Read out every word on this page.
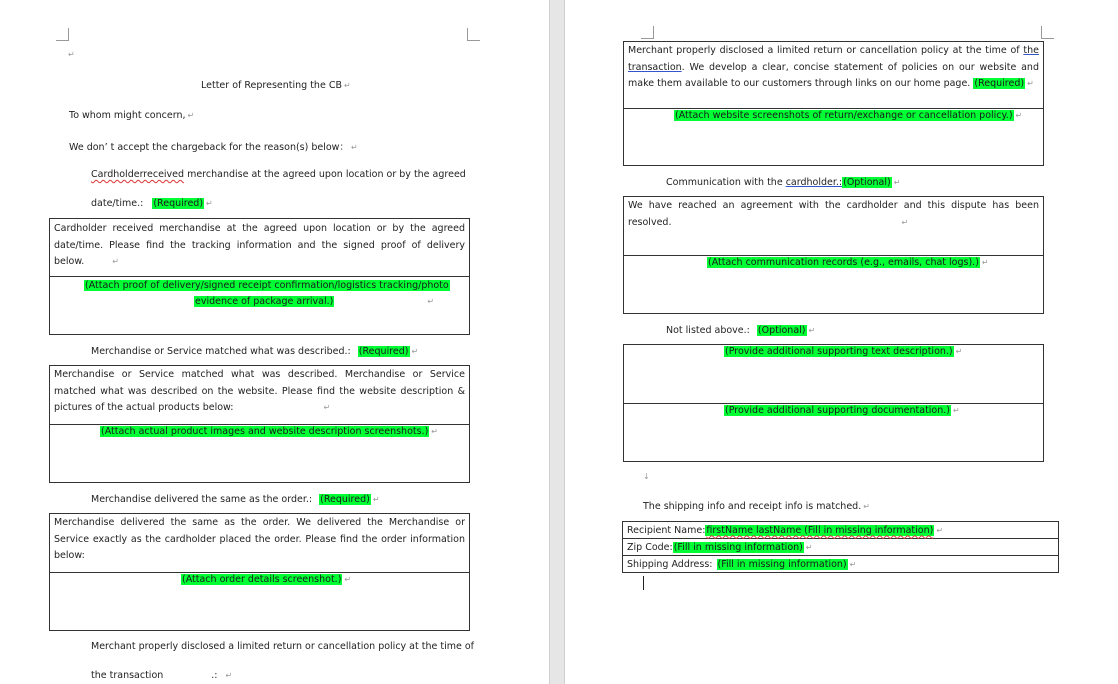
↵
Letter of Representing the CB ↵
To whom might concern, ↵
We don’ t accept the chargeback for the reason(s) below： ↵
Cardholderreceived merchandise at the agreed upon location or by the agreed
date/time.: (Required) ↵
Cardholder received merchandise at the agreed upon location or by the agreed date/time. Please find the tracking information and the signed proof of delivery below.	↵
(Attach proof of delivery/signed receipt confirmation/logistics tracking/photo
evidence of package arrival.)	↵
Merchandise or Service matched what was described.: (Required) ↵
Merchandise or Service matched what was described. Merchandise or Service matched what was described on the website. Please find the website description & pictures of the actual products below:	↵
(Attach actual product images and website description screenshots.) ↵
Merchandise delivered the same as the order.: (Required) ↵
Merchandise delivered the same as the order. We delivered the Merchandise or Service exactly as the cardholder placed the order. Please find the order information below:
(Attach order details screenshot.) ↵
Merchant properly disclosed a limited return or cancellation policy at the time of
the transaction	.: ↵
Merchant properly disclosed a limited return or cancellation policy at the time of the transaction. We develop a clear, concise statement of policies on our website and make them available to our customers through links on our home page. (Required) ↵
(Attach website screenshots of return/exchange or cancellation policy.) ↵
Communication with the cardholder.:(Optional) ↵
We have reached an agreement with the cardholder and this dispute has been resolved.	↵
(Attach communication records (e.g., emails, chat logs).) ↵
Not listed above.: (Optional) ↵
(Provide additional supporting text description.) ↵
(Provide additional supporting documentation.) ↵
↓
The shipping info and receipt info is matched. ↵
Recipient Name:firstName lastName (Fill in missing information) ↵
Zip Code:(Fill in missing information) ↵
Shipping Address: (Fill in missing information) ↵
